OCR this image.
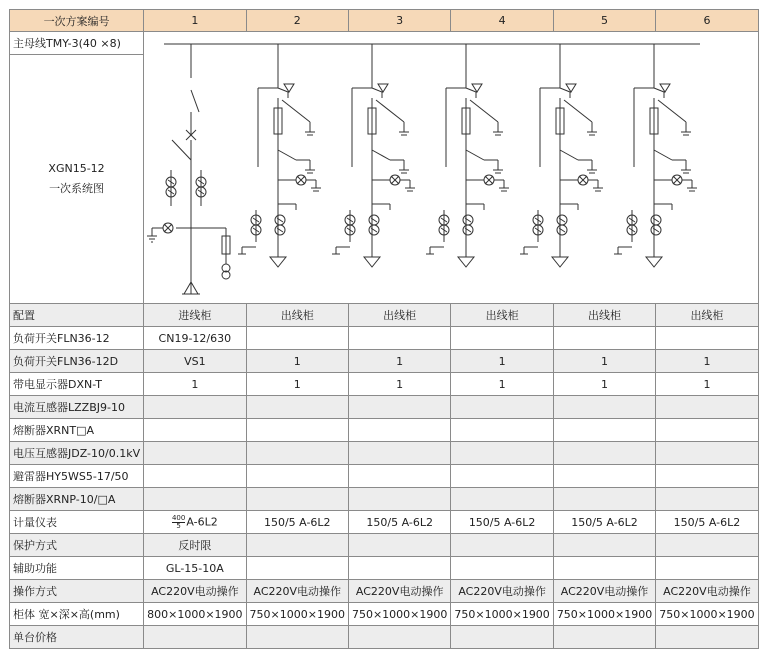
一次方案编号	1	2	3	4	5	6
主母线TMY-3(40 ×8)	

XGN15-12
一次系统图						

配置	进线柜	出线柜	出线柜	出线柜	出线柜	出线柜
负荷开关FLN36-12	CN19-12/630					
负荷开关FLN36-12D	VS1	1	1	1	1	1
带电显示器DXN-T	1	1	1	1	1	1
电流互感器LZZBJ9-10						
熔断器XRNT□A						
电压互感器JDZ-10/0.1kV						
避雷器HY5WS5-17/50						
熔断器XRNP-10/□A						
计量仪表	$\frac{400}{5} A-6L2$	150/5 A-6L2	150/5 A-6L2	150/5 A-6L2	150/5 A-6L2	150/5 A-6L2
保护方式	反时限					
辅助功能	GL-15-10A					
操作方式	AC220V电动操作	AC220V电动操作	AC220V电动操作	AC220V电动操作	AC220V电动操作	AC220V电动操作
柜体 宽×深×高(mm)	800×1000×1900	750×1000×1900	750×1000×1900	750×1000×1900	750×1000×1900	750×1000×1900
单台价格						
